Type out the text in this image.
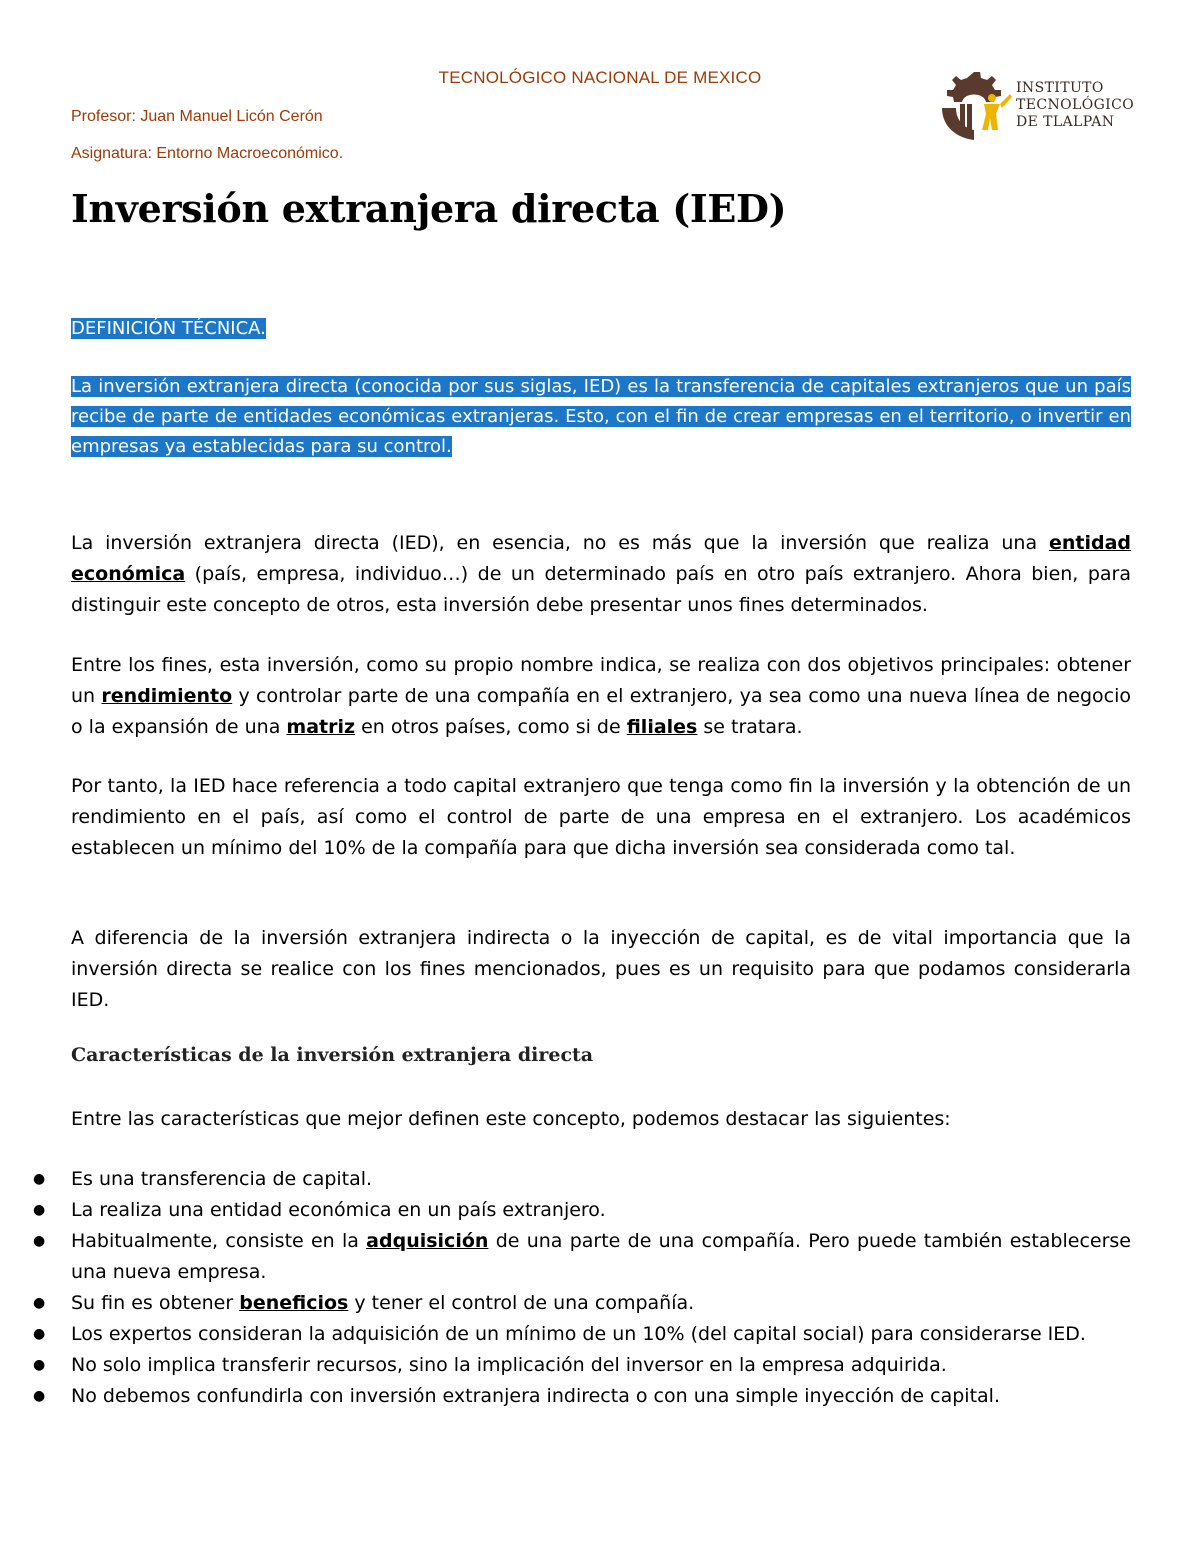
TECNOLÓGICO NACIONAL DE MEXICO
Profesor: Juan Manuel Licón Cerón
Asignatura: Entorno Macroeconómico.
INSTITUTO
TECNOLÓGICO
DE TLALPAN
Inversión extranjera directa (IED)
DEFINICIÓN TÉCNICA.
La inversión extranjera directa (conocida por sus siglas, IED) es la transferencia de capitales extranjeros que un país recibe de parte de entidades económicas extranjeras. Esto, con el fin de crear empresas en el territorio, o invertir en empresas ya establecidas para su control.

La inversión extranjera directa (IED), en esencia, no es más que la inversión que realiza una entidad económica (país, empresa, individuo…) de un determinado país en otro país extranjero. Ahora bien, para distinguir este concepto de otros, esta inversión debe presentar unos fines determinados.

Entre los fines, esta inversión, como su propio nombre indica, se realiza con dos objetivos principales: obtener un rendimiento y controlar parte de una compañía en el extranjero, ya sea como una nueva línea de negocio o la expansión de una matriz en otros países, como si de filiales se tratara.

Por tanto, la IED hace referencia a todo capital extranjero que tenga como fin la inversión y la obtención de un rendimiento en el país, así como el control de parte de una empresa en el extranjero. Los académicos establecen un mínimo del 10% de la compañía para que dicha inversión sea considerada como tal.

A diferencia de la inversión extranjera indirecta o la inyección de capital, es de vital importancia que la inversión directa se realice con los fines mencionados, pues es un requisito para que podamos considerarla IED.

Características de la inversión extranjera directa
Entre las características que mejor definen este concepto, podemos destacar las siguientes:
● Es una transferencia de capital.
● La realiza una entidad económica en un país extranjero.
● Habitualmente, consiste en la adquisición de una parte de una compañía. Pero puede también establecerse una nueva empresa.
● Su fin es obtener beneficios y tener el control de una compañía.
● Los expertos consideran la adquisición de un mínimo de un 10% (del capital social) para considerarse IED.
● No solo implica transferir recursos, sino la implicación del inversor en la empresa adquirida.
● No debemos confundirla con inversión extranjera indirecta o con una simple inyección de capital.
